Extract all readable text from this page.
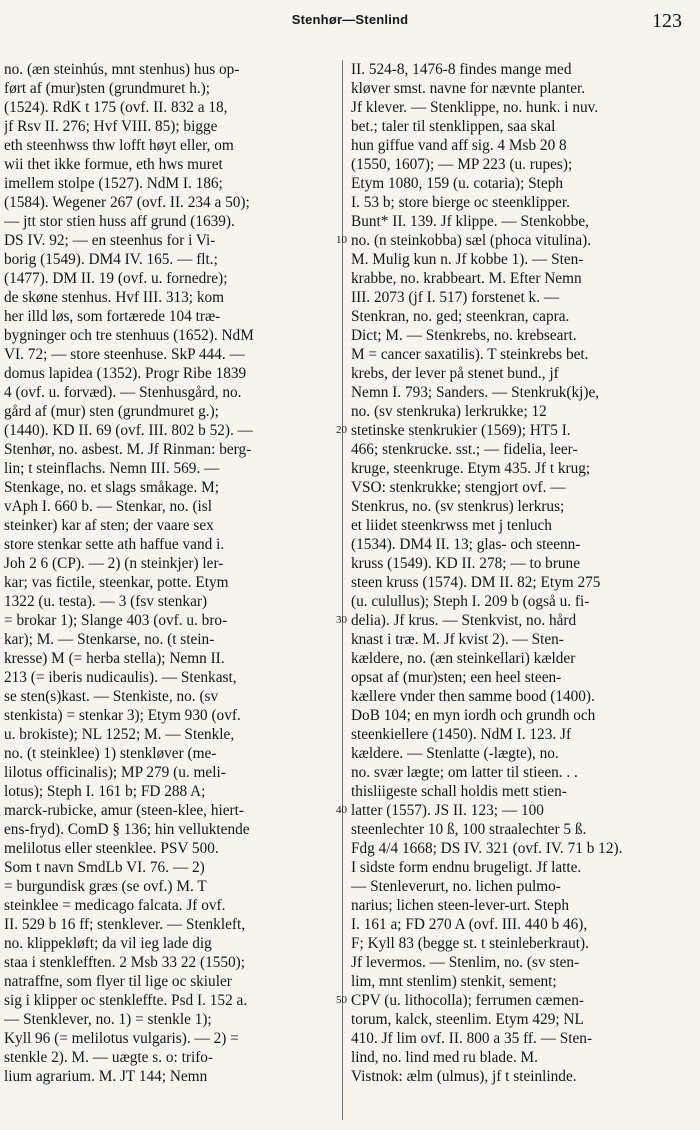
Stenhør—Stenlind	123
no. (æn steinhús, mnt stenhus) hus op-
ført af (mur)sten (grundmuret h.);
(1524). RdK t 175 (ovf. II. 832 a 18,
jf Rsv II. 276; Hvf VIII. 85); bigge
eth steenhwss thw lofft høyt eller, om
wii thet ikke formue, eth hws muret
imellem stolpe (1527). NdM I. 186;
(1584). Wegener 267 (ovf. II. 234 a 50);
— jtt stor stien huss aff grund (1639).
DS IV. 92; — en steenhus for i Vi-
borig (1549). DM4 IV. 165. — flt.;
(1477). DM II. 19 (ovf. u. fornedre);
de skøne stenhus. Hvf III. 313; kom
her illd løs, som fortærede 104 træ-
bygninger och tre stenhuus (1652). NdM
VI. 72; — store steenhuse. SkP 444. —
domus lapidea (1352). Progr Ribe 1839
4 (ovf. u. forvæd). — Stenhusgård, no.
gård af (mur) sten (grundmuret g.);
(1440). KD II. 69 (ovf. III. 802 b 52). —
Stenhør, no. asbest. M. Jf Rinman: berg-
lin; t steinflachs. Nemn III. 569. —
Stenkage, no. et slags småkage. M;
vAph I. 660 b. — Stenkar, no. (isl
steinker) kar af sten; der vaare sex
store stenkar sette ath haffue vand i.
Joh 2 6 (CP). — 2) (n steinkjer) ler-
kar; vas fictile, steenkar, potte. Etym
1322 (u. testa). — 3 (fsv stenkar)
= brokar 1); Slange 403 (ovf. u. bro-
kar); M. — Stenkarse, no. (t stein-
kresse) M (= herba stella); Nemn II.
213 (= iberis nudicaulis). — Stenkast,
se sten(s)kast. — Stenkiste, no. (sv
stenkista) = stenkar 3); Etym 930 (ovf.
u. brokiste); NL 1252; M. — Stenkle,
no. (t steinklee) 1) stenkløver (me-
lilotus officinalis); MP 279 (u. meli-
lotus); Steph I. 161 b; FD 288 A;
marck-rubicke, amur (steen-klee, hiert-
ens-fryd). ComD § 136; hin velluktende
melilotus eller steenklee. PSV 500.
Som t navn SmdLb VI. 76. — 2)
= burgundisk græs (se ovf.) M. T
steinklee = medicago falcata. Jf ovf.
II. 529 b 16 ff; stenklever. — Stenkleft,
no. klippekløft; da vil ieg lade dig
staa i stenklefften. 2 Msb 33 22 (1550);
natraffne, som flyer til lige oc skiuler
sig i klipper oc stenkleffte. Psd I. 152 a.
— Stenklever, no. 1) = stenkle 1);
Kyll 96 (= melilotus vulgaris). — 2) =
stenkle 2). M. — uægte s. o: trifo-
lium agrarium. M. JT 144; Nemn
10
20
30
40
50
II. 524-8, 1476-8 findes mange med
kløver smst. navne for nævnte planter.
Jf klever. — Stenklippe, no. hunk. i nuv.
bet.; taler til stenklippen, saa skal
hun giffue vand aff sig. 4 Msb 20 8
(1550, 1607); — MP 223 (u. rupes);
Etym 1080, 159 (u. cotaria); Steph
I. 53 b; store bierge oc steenklipper.
Bunt* II. 139. Jf klippe. — Stenkobbe,
no. (n steinkobba) sæl (phoca vitulina).
M. Mulig kun n. Jf kobbe 1). — Sten-
krabbe, no. krabbeart. M. Efter Nemn
III. 2073 (jf I. 517) forstenet k. —
Stenkran, no. ged; steenkran, capra.
Dict; M. — Stenkrebs, no. krebseart.
M = cancer saxatilis). T steinkrebs bet.
krebs, der lever på stenet bund., jf
Nemn I. 793; Sanders. — Stenkruk(kj)e,
no. (sv stenkruka) lerkrukke; 12
stetinske stenkrukier (1569); HT5 I.
466; stenkrucke. sst.; — fidelia, leer-
kruge, steenkruge. Etym 435. Jf t krug;
VSO: stenkrukke; stengjort ovf. —
Stenkrus, no. (sv stenkrus) lerkrus;
et liidet steenkrwss met j tenluch
(1534). DM4 II. 13; glas- och steenn-
kruss (1549). KD II. 278; — to brune
steen kruss (1574). DM II. 82; Etym 275
(u. culullus); Steph I. 209 b (også u. fi-
delia). Jf krus. — Stenkvist, no. hård
knast i træ. M. Jf kvist 2). — Sten-
kældere, no. (æn steinkellari) kælder
opsat af (mur)sten; een heel steen-
kællere vnder then samme bood (1400).
DoB 104; en myn iordh och grundh och
steenkiellere (1450). NdM I. 123. Jf
kældere. — Stenlatte (-lægte), no.
no. svær lægte; om latter til stieen. . .
thisliigeste schall holdis mett stien-
latter (1557). JS II. 123; — 100
steenlechter 10 ß, 100 straalechter 5 ß.
Fdg 4/4 1668; DS IV. 321 (ovf. IV. 71 b 12).
I sidste form endnu brugeligt. Jf latte.
— Stenleverurt, no. lichen pulmo-
narius; lichen steen-lever-urt. Steph
I. 161 a; FD 270 A (ovf. III. 440 b 46),
F; Kyll 83 (begge st. t steinleberkraut).
Jf levermos. — Stenlim, no. (sv sten-
lim, mnt stenlim) stenkit, sement;
CPV (u. lithocolla); ferrumen cæmen-
torum, kalck, steenlim. Etym 429; NL
410. Jf lim ovf. II. 800 a 35 ff. — Sten-
lind, no. lind med ru blade. M.
Vistnok: ælm (ulmus), jf t steinlinde.
